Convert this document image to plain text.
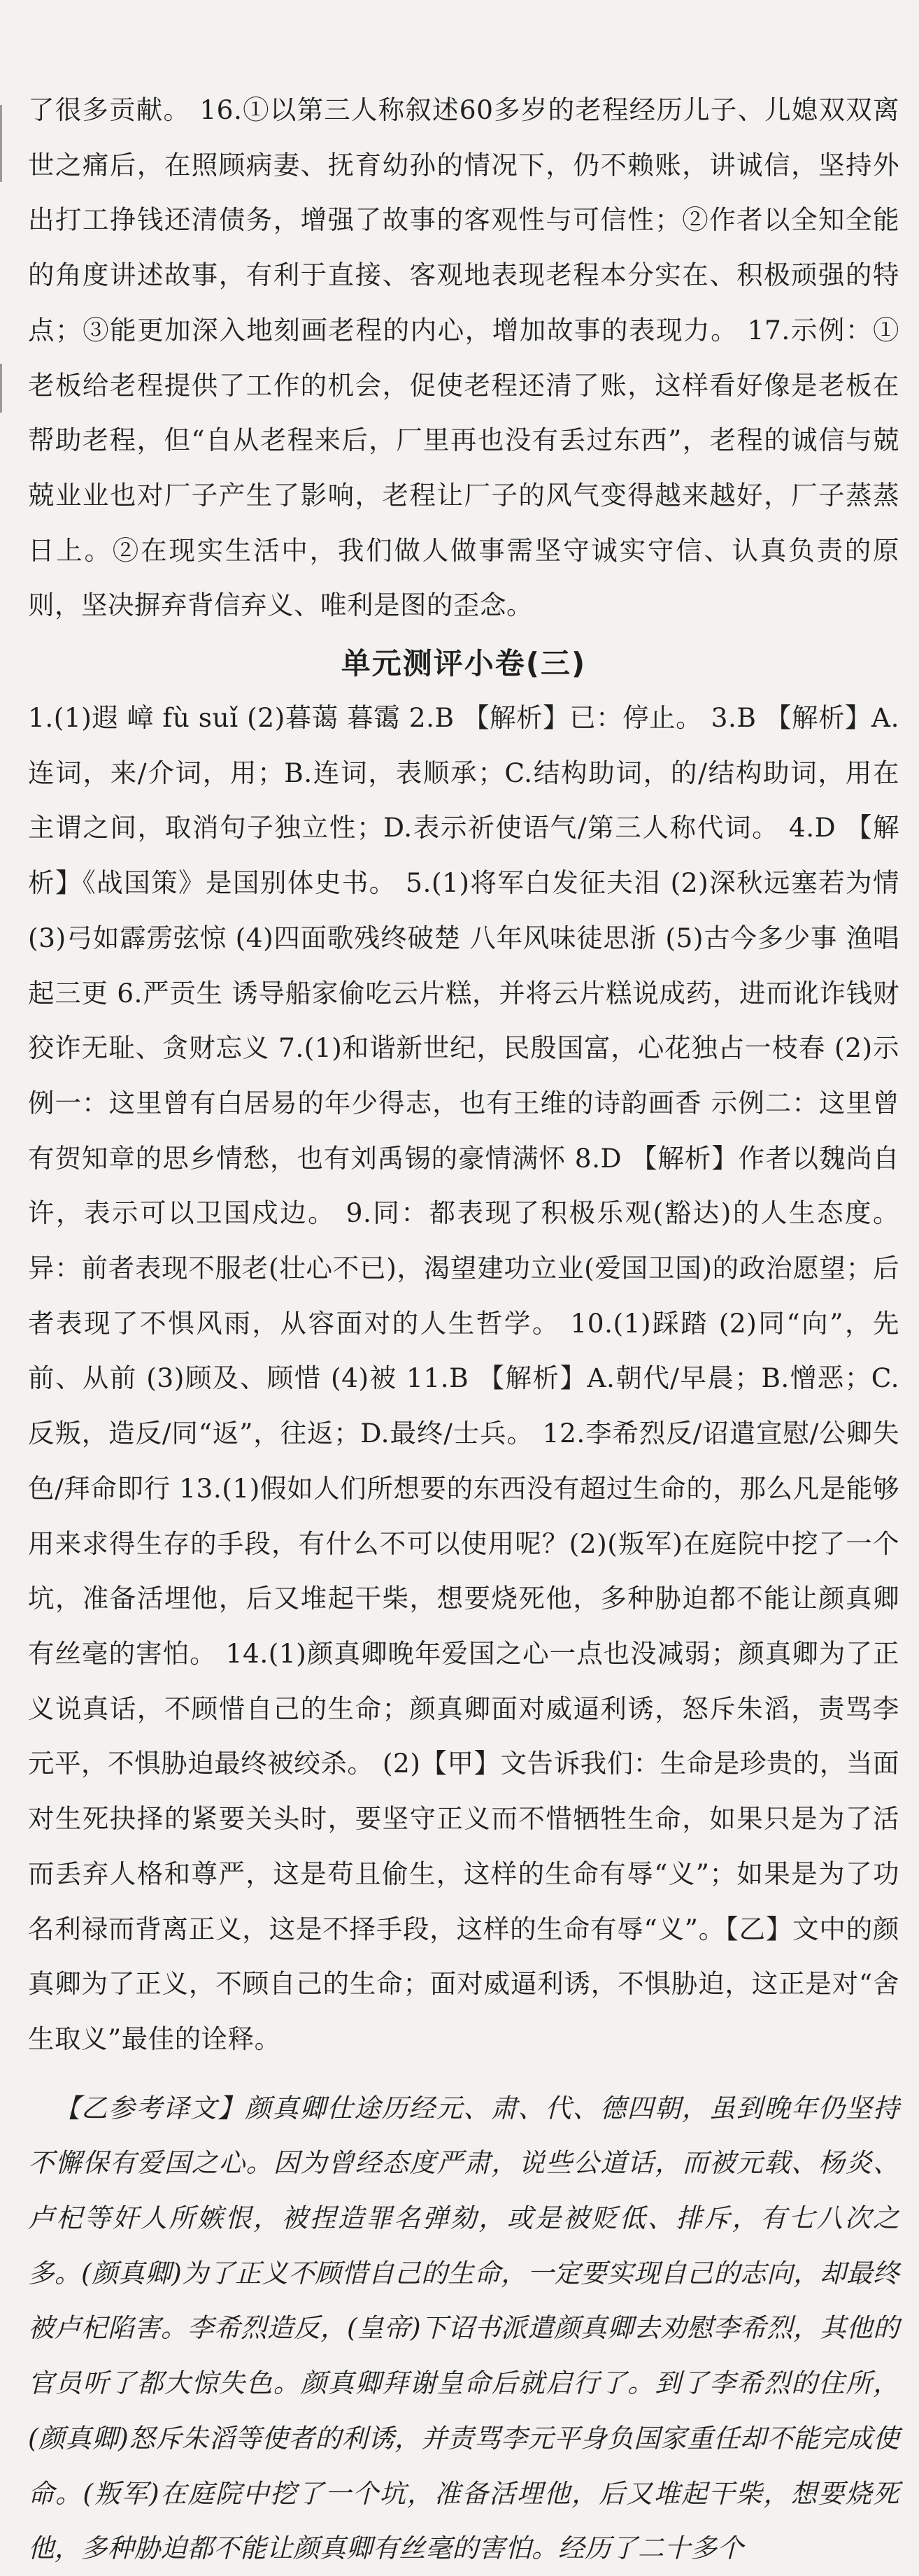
了很多贡献。 16.①以第三人称叙述60多岁的老程经历儿子、儿媳双双离世之痛后，在照顾病妻、抚育幼孙的情况下，仍不赖账，讲诚信，坚持外出打工挣钱还清债务，增强了故事的客观性与可信性；②作者以全知全能的角度讲述故事，有利于直接、客观地表现老程本分实在、积极顽强的特点；③能更加深入地刻画老程的内心，增加故事的表现力。 17.示例：①老板给老程提供了工作的机会，促使老程还清了账，这样看好像是老板在帮助老程，但“自从老程来后，厂里再也没有丢过东西”，老程的诚信与兢兢业业也对厂子产生了影响，老程让厂子的风气变得越来越好，厂子蒸蒸日上。②在现实生活中，我们做人做事需坚守诚实守信、认真负责的原则，坚决摒弃背信弃义、唯利是图的歪念。

单元测评小卷(三)

1.(1)遐 嶂 fù suǐ (2)暮蔼 暮霭 2.B 【解析】已：停止。 3.B 【解析】A.连词，来/介词，用；B.连词，表顺承；C.结构助词，的/结构助词，用在主谓之间，取消句子独立性；D.表示祈使语气/第三人称代词。 4.D 【解析】《战国策》是国别体史书。 5.(1)将军白发征夫泪 (2)深秋远塞若为情 (3)弓如霹雳弦惊 (4)四面歌残终破楚 八年风味徒思浙 (5)古今多少事 渔唱起三更 6.严贡生 诱导船家偷吃云片糕，并将云片糕说成药，进而讹诈钱财 狡诈无耻、贪财忘义 7.(1)和谐新世纪，民殷国富，心花独占一枝春 (2)示例一：这里曾有白居易的年少得志，也有王维的诗韵画香 示例二：这里曾有贺知章的思乡情愁，也有刘禹锡的豪情满怀 8.D 【解析】作者以魏尚自许，表示可以卫国戍边。 9.同：都表现了积极乐观(豁达)的人生态度。异：前者表现不服老(壮心不已)，渴望建功立业(爱国卫国)的政治愿望；后者表现了不惧风雨，从容面对的人生哲学。 10.(1)踩踏 (2)同“向”，先前、从前 (3)顾及、顾惜 (4)被 11.B 【解析】A.朝代/早晨；B.憎恶；C.反叛，造反/同“返”，往返；D.最终/士兵。 12.李希烈反/诏遣宣慰/公卿失色/拜命即行 13.(1)假如人们所想要的东西没有超过生命的，那么凡是能够用来求得生存的手段，有什么不可以使用呢？(2)(叛军)在庭院中挖了一个坑，准备活埋他，后又堆起干柴，想要烧死他，多种胁迫都不能让颜真卿有丝毫的害怕。 14.(1)颜真卿晚年爱国之心一点也没减弱；颜真卿为了正义说真话，不顾惜自己的生命；颜真卿面对威逼利诱，怒斥朱滔，责骂李元平，不惧胁迫最终被绞杀。 (2)【甲】文告诉我们：生命是珍贵的，当面对生死抉择的紧要关头时，要坚守正义而不惜牺牲生命，如果只是为了活而丢弃人格和尊严，这是苟且偷生，这样的生命有辱“义”；如果是为了功名利禄而背离正义，这是不择手段，这样的生命有辱“义”。【乙】文中的颜真卿为了正义，不顾自己的生命；面对威逼利诱，不惧胁迫，这正是对“舍生取义”最佳的诠释。

【乙参考译文】颜真卿仕途历经元、肃、代、德四朝，虽到晚年仍坚持不懈保有爱国之心。因为曾经态度严肃，说些公道话，而被元载、杨炎、卢杞等奸人所嫉恨，被捏造罪名弹劾，或是被贬低、排斥，有七八次之多。(颜真卿)为了正义不顾惜自己的生命，一定要实现自己的志向，却最终被卢杞陷害。李希烈造反，(皇帝)下诏书派遣颜真卿去劝慰李希烈，其他的官员听了都大惊失色。颜真卿拜谢皇命后就启行了。到了李希烈的住所，(颜真卿)怒斥朱滔等使者的利诱，并责骂李元平身负国家重任却不能完成使命。(叛军)在庭院中挖了一个坑，准备活埋他，后又堆起干柴，想要烧死他，多种胁迫都不能让颜真卿有丝毫的害怕。经历了二十多个
